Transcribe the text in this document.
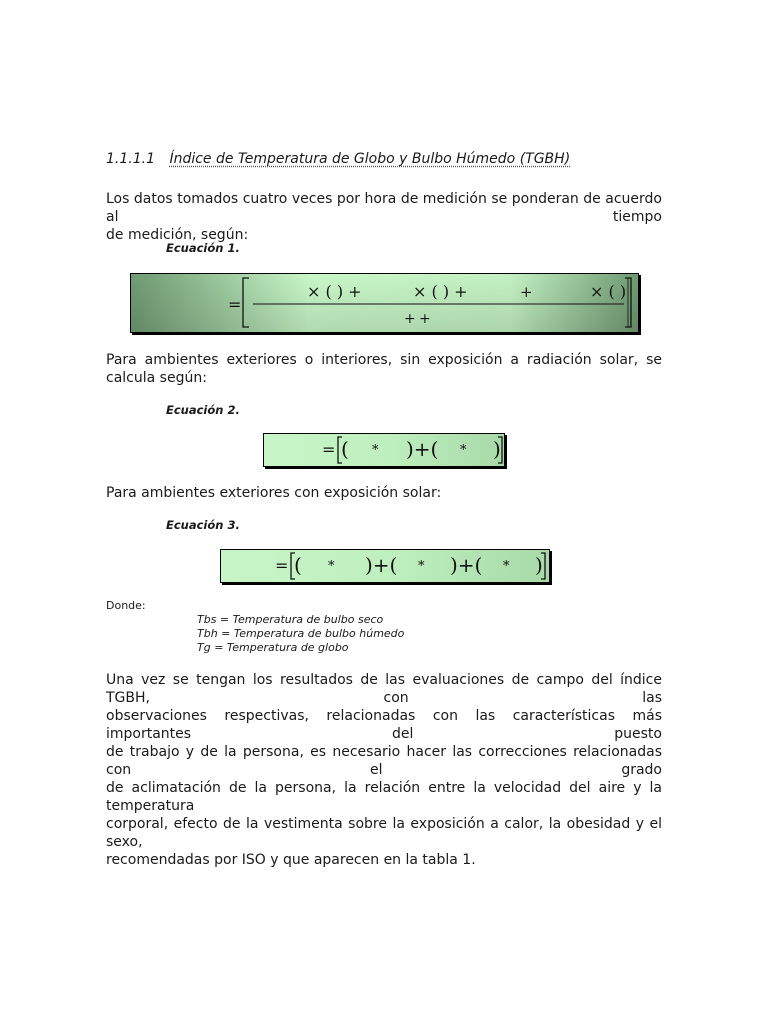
1.1.1.1 Índice de Temperatura de Globo y Bulbo Húmedo (TGBH)
Los datos tomados cuatro veces por hora de medición se ponderan de acuerdo al tiempo
de medición, según:
Ecuación 1.
=
× ( ) +	× ( ) +	+	× ( )
+ +
Para ambientes exteriores o interiores, sin exposición a radiación solar, se calcula según:
Ecuación 2.
= ( * )+( * )
Para ambientes exteriores con exposición solar:
Ecuación 3.
= ( * )+( * )+( * )
Donde:
Tbs = Temperatura de bulbo seco
Tbh = Temperatura de bulbo húmedo
Tg = Temperatura de globo
Una vez se tengan los resultados de las evaluaciones de campo del índice TGBH, con las
observaciones respectivas, relacionadas con las características más importantes del puesto
de trabajo y de la persona, es necesario hacer las correcciones relacionadas con el grado
de aclimatación de la persona, la relación entre la velocidad del aire y la temperatura
corporal, efecto de la vestimenta sobre la exposición a calor, la obesidad y el sexo,
recomendadas por ISO y que aparecen en la tabla 1.
